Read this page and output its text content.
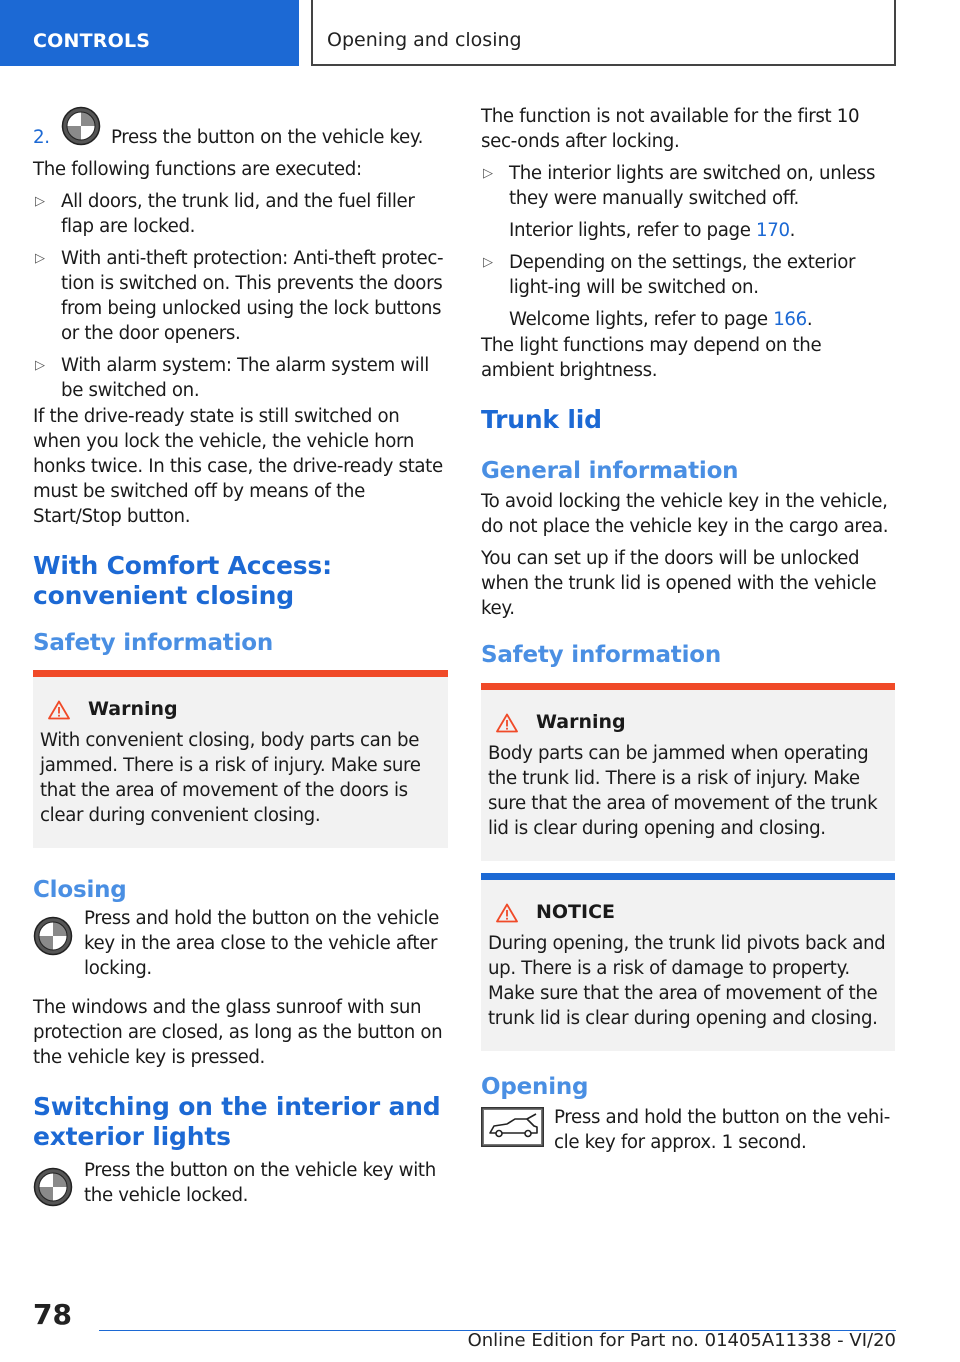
CONTROLS	Opening and closing
2.	Press the button on the vehicle key.

The following functions are executed:

▷ All doors, the trunk lid, and the fuel filler flap are locked.
▷ With anti-theft protection: Anti-theft protec-tion is switched on. This prevents the doors from being unlocked using the lock buttons or the door openers.
▷ With alarm system: The alarm system will be switched on.

If the drive-ready state is still switched on when you lock the vehicle, the vehicle horn honks twice. In this case, the drive-ready state must be switched off by means of the Start/Stop button.

With Comfort Access: convenient closing
Safety information
Warning

With convenient closing, body parts can be jammed. There is a risk of injury. Make sure that the area of movement of the doors is clear during convenient closing.

Closing

Press and hold the button on the vehicle key in the area close to the vehicle after locking.

The windows and the glass sunroof with sun protection are closed, as long as the button on the vehicle key is pressed.

Switching on the interior and exterior lights

Press the button on the vehicle key with the vehicle locked.

The function is not available for the first 10 sec-onds after locking.

▷ The interior lights are switched on, unless they were manually switched off.
Interior lights, refer to page 170.
▷ Depending on the settings, the exterior light-ing will be switched on.
Welcome lights, refer to page 166.

The light functions may depend on the ambient brightness.

Trunk lid
General information

To avoid locking the vehicle key in the vehicle, do not place the vehicle key in the cargo area.

You can set up if the doors will be unlocked when the trunk lid is opened with the vehicle key.

Safety information
Warning

Body parts can be jammed when operating the trunk lid. There is a risk of injury. Make sure that the area of movement of the trunk lid is clear during opening and closing.

NOTICE

During opening, the trunk lid pivots back and up. There is a risk of damage to property. Make sure that the area of movement of the trunk lid is clear during opening and closing.

Opening

Press and hold the button on the vehi-cle key for approx. 1 second.

78
Online Edition for Part no. 01405A11338 - VI/20
